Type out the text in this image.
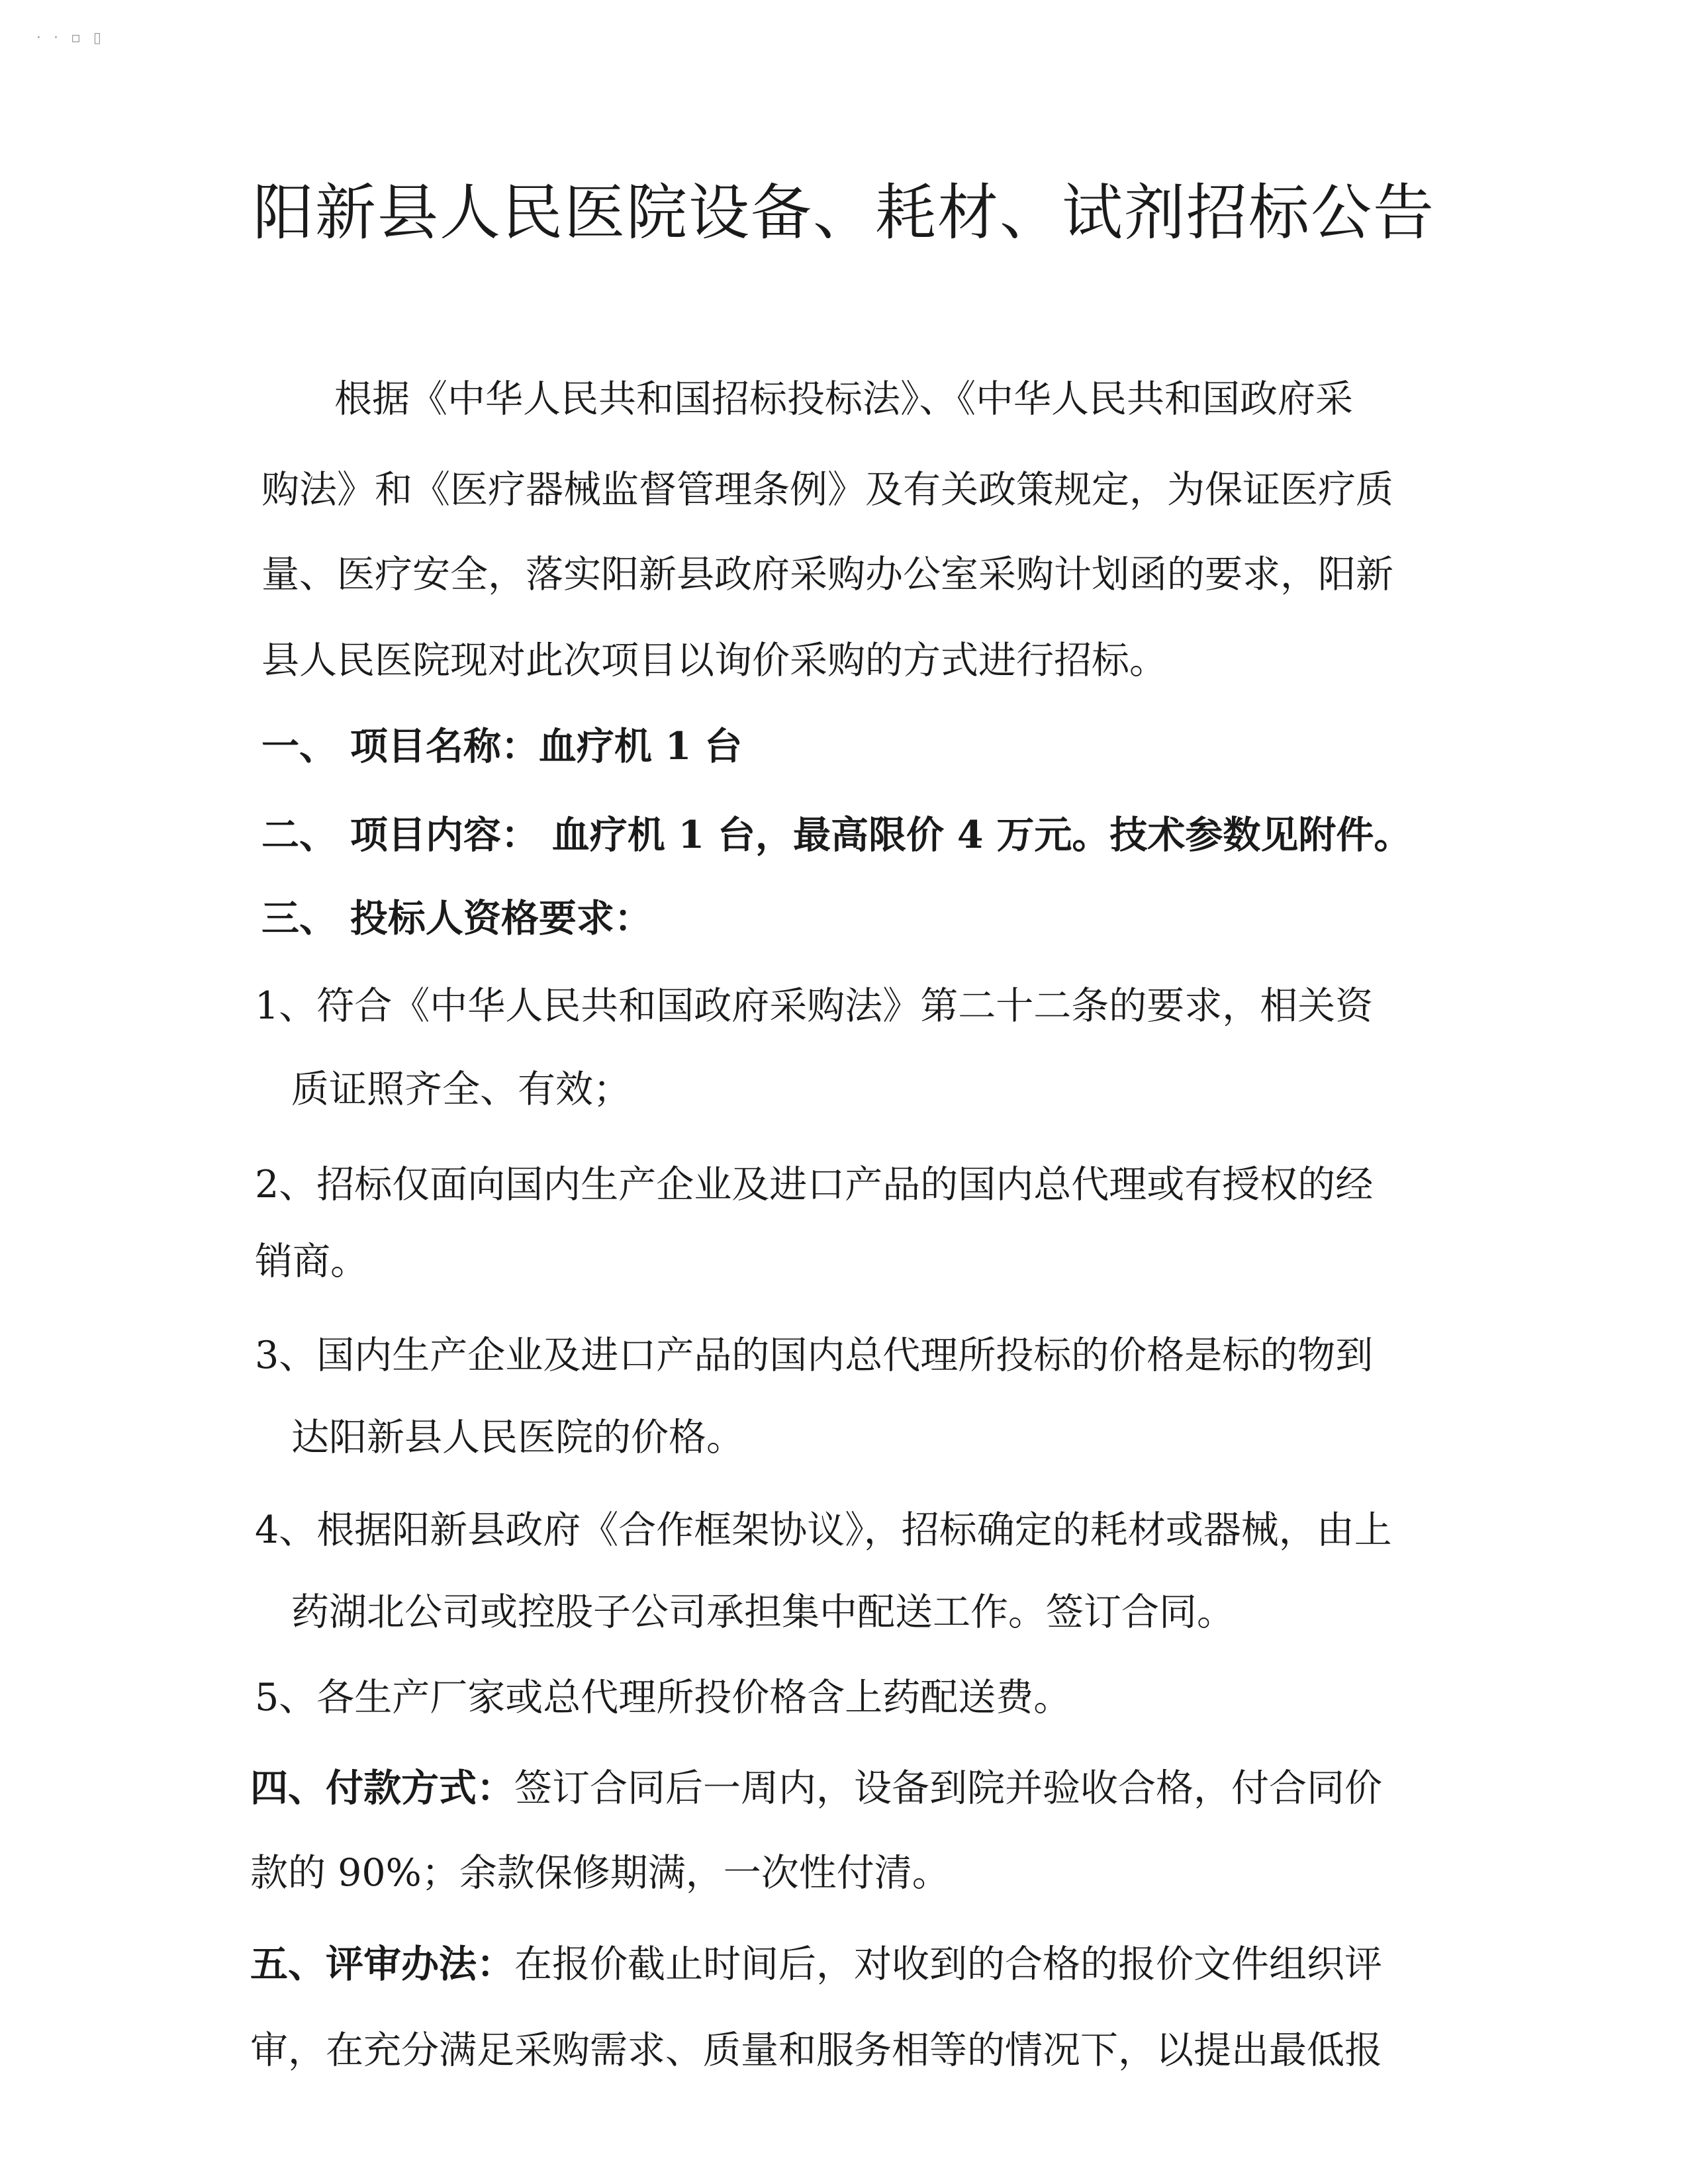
· · ▫ ▯
阳新县人民医院设备、耗材、试剂招标公告
根据《中华人民共和国招标投标法》、《中华人民共和国政府采
购法》和《医疗器械监督管理条例》及有关政策规定，为保证医疗质
量、医疗安全，落实阳新县政府采购办公室采购计划函的要求，阳新
县人民医院现对此次项目以询价采购的方式进行招标。
一、 项目名称：血疗机 1 台
二、 项目内容： 血疗机 1 台，最高限价 4 万元。技术参数见附件。
三、 投标人资格要求：
1、符合《中华人民共和国政府采购法》第二十二条的要求，相关资
质证照齐全、有效；
2、招标仅面向国内生产企业及进口产品的国内总代理或有授权的经
销商。
3、国内生产企业及进口产品的国内总代理所投标的价格是标的物到
达阳新县人民医院的价格。
4、根据阳新县政府《合作框架协议》，招标确定的耗材或器械，由上
药湖北公司或控股子公司承担集中配送工作。签订合同。
5、各生产厂家或总代理所投价格含上药配送费。
四、付款方式：签订合同后一周内，设备到院并验收合格，付合同价
款的 90%；余款保修期满，一次性付清。
五、评审办法：在报价截止时间后，对收到的合格的报价文件组织评
审，在充分满足采购需求、质量和服务相等的情况下，以提出最低报
